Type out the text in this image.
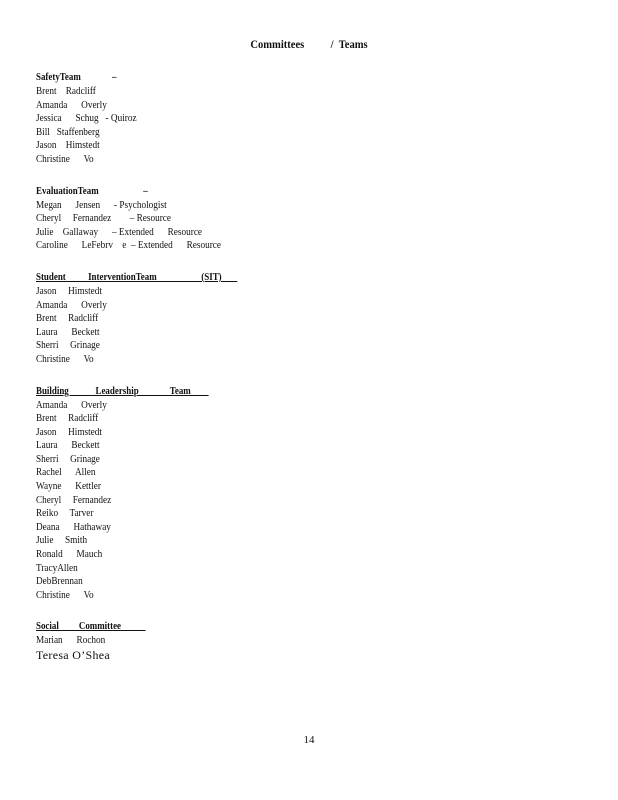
Committees          /  Teams
SafetyTeam              –
Brent    Radcliff
Amanda      Overly
Jessica      Schug   - Quiroz
Bill   Staffenberg
Jason    Himstedt
Christine      Vo
EvaluationTeam                    –
Megan      Jensen      - Psychologist
Cheryl     Fernandez        – Resource
Julie    Gallaway      – Extended      Resource
Caroline      LeFebrv    e  – Extended      Resource
Student          InterventionTeam                    (SIT)
Jason     Himstedt
Amanda      Overly
Brent     Radcliff
Laura      Beckett
Sherri     Grinage
Christine      Vo
Building            Leadership              Team
Amanda      Overly
Brent     Radcliff
Jason     Himstedt
Laura      Beckett
Sherri     Grinage
Rachel      Allen
Wayne      Kettler
Cheryl     Fernandez
Reiko     Tarver
Deana      Hathaway
Julie     Smith
Ronald      Mauch
TracyAllen
DebBrennan
Christine      Vo
Social         Committee
Marian      Rochon
Teresa O’Shea
14
